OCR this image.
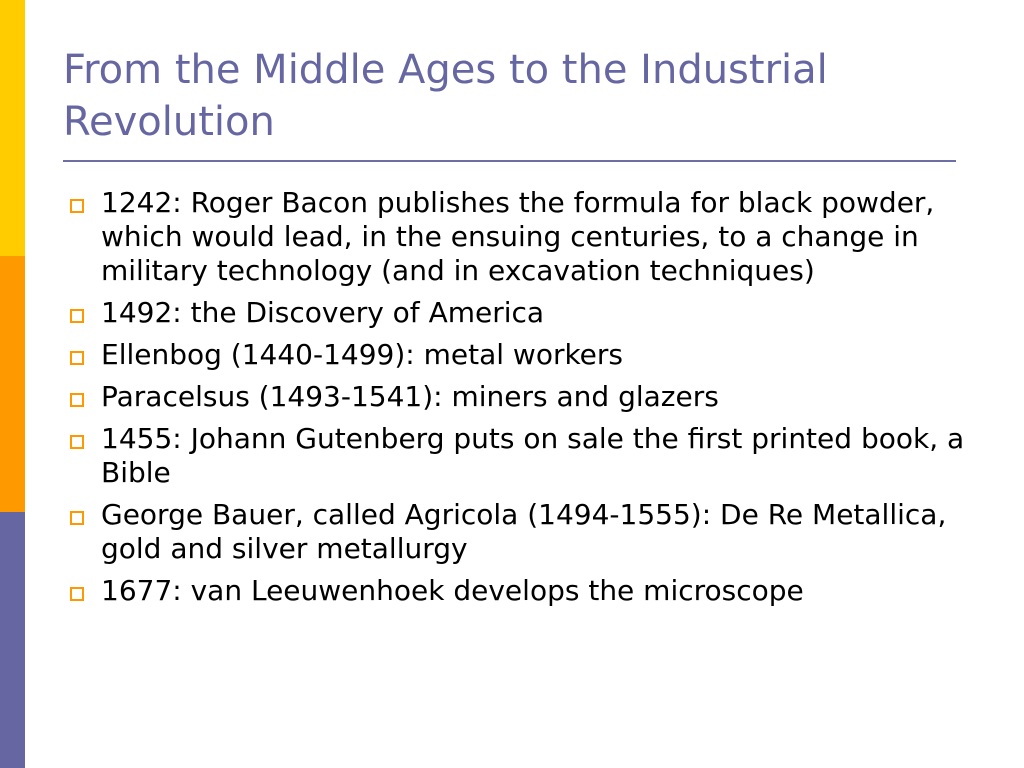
From the Middle Ages to the Industrial Revolution
1242: Roger Bacon publishes the formula for black powder, which would lead, in the ensuing centuries, to a change in military technology (and in excavation techniques)
1492: the Discovery of America
Ellenbog (1440-1499): metal workers
Paracelsus (1493-1541): miners and glazers
1455: Johann Gutenberg puts on sale the first printed book, a Bible
George Bauer, called Agricola (1494-1555): De Re Metallica, gold and silver metallurgy
1677: van Leeuwenhoek develops the microscope
